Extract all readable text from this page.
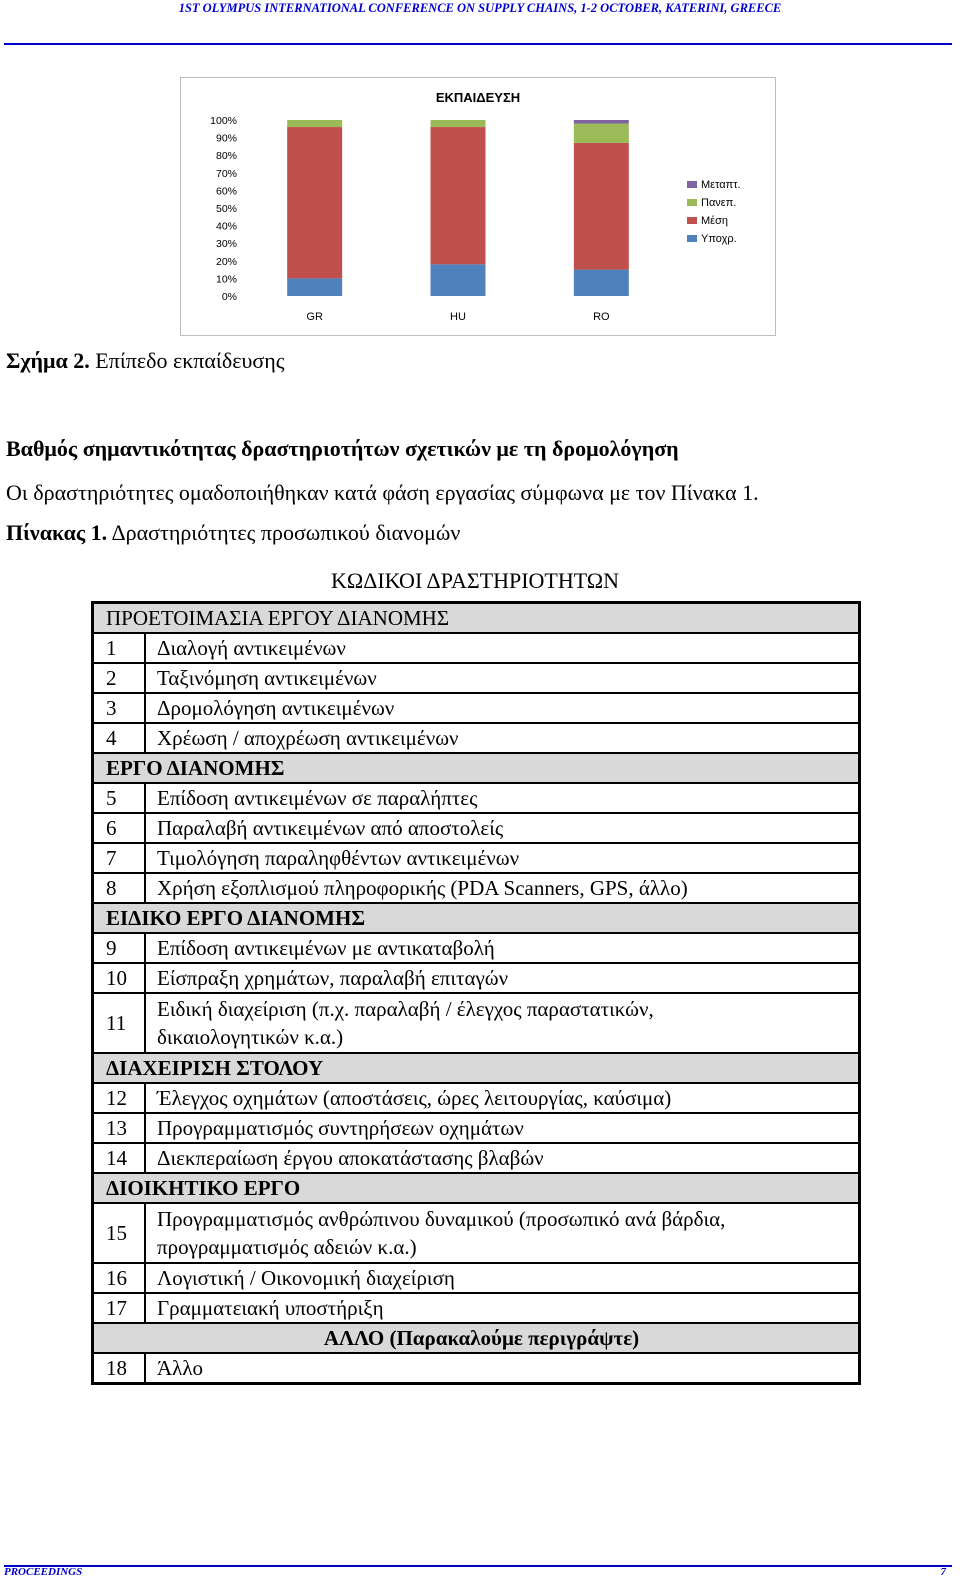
1ST OLYMPUS INTERNATIONAL CONFERENCE ON SUPPLY CHAINS, 1-2 OCTOBER, KATERINI, GREECE
ΕΚΠΑΙΔΕΥΣΗ
0%
10%
20%
30%
40%
50%
60%
70%
80%
90%
100%
GR	HU	RO
Μεταπτ.
Πανεπ.
Μέση
Υποχρ.
Σχήμα 2. Επίπεδο εκπαίδευσης
Βαθμός σημαντικότητας δραστηριοτήτων σχετικών με τη δρομολόγηση
Οι δραστηριότητες ομαδοποιήθηκαν κατά φάση εργασίας σύμφωνα με τον Πίνακα 1.
Πίνακας 1. Δραστηριότητες προσωπικού διανομών
ΚΩΔΙΚΟΙ ΔΡΑΣΤΗΡΙΟΤΗΤΩΝ
ΠΡΟΕΤΟΙΜΑΣΙΑ ΕΡΓΟΥ ΔΙΑΝΟΜΗΣ	
1	Διαλογή αντικειμένων
2	Ταξινόμηση αντικειμένων
3	Δρομολόγηση αντικειμένων
4	Χρέωση / αποχρέωση αντικειμένων
ΕΡΓΟ ΔΙΑΝΟΜΗΣ	
5	Επίδοση αντικειμένων σε παραλήπτες
6	Παραλαβή αντικειμένων από αποστολείς
7	Τιμολόγηση παραληφθέντων αντικειμένων
8	Χρήση εξοπλισμού πληροφορικής (PDA Scanners, GPS, άλλο)
ΕΙΔΙΚΟ ΕΡΓΟ ΔΙΑΝΟΜΗΣ	
9	Επίδοση αντικειμένων με αντικαταβολή
10	Είσπραξη χρημάτων, παραλαβή επιταγών
11	Ειδική διαχείριση (π.χ. παραλαβή / έλεγχος παραστατικών,
δικαιολογητικών κ.α.)
ΔΙΑΧΕΙΡΙΣΗ ΣΤΟΛΟΥ	
12	Έλεγχος οχημάτων (αποστάσεις, ώρες λειτουργίας, καύσιμα)
13	Προγραμματισμός συντηρήσεων οχημάτων
14	Διεκπεραίωση έργου αποκατάστασης βλαβών
ΔΙΟΙΚΗΤΙΚΟ ΕΡΓΟ	
15	Προγραμματισμός ανθρώπινου δυναμικού (προσωπικό ανά βάρδια,
προγραμματισμός αδειών κ.α.)
16	Λογιστική / Οικονομική διαχείριση
17	Γραμματειακή υποστήριξη
ΑΛΛΟ (Παρακαλούμε περιγράψτε)	
18	Άλλο
PROCEEDINGS	7
